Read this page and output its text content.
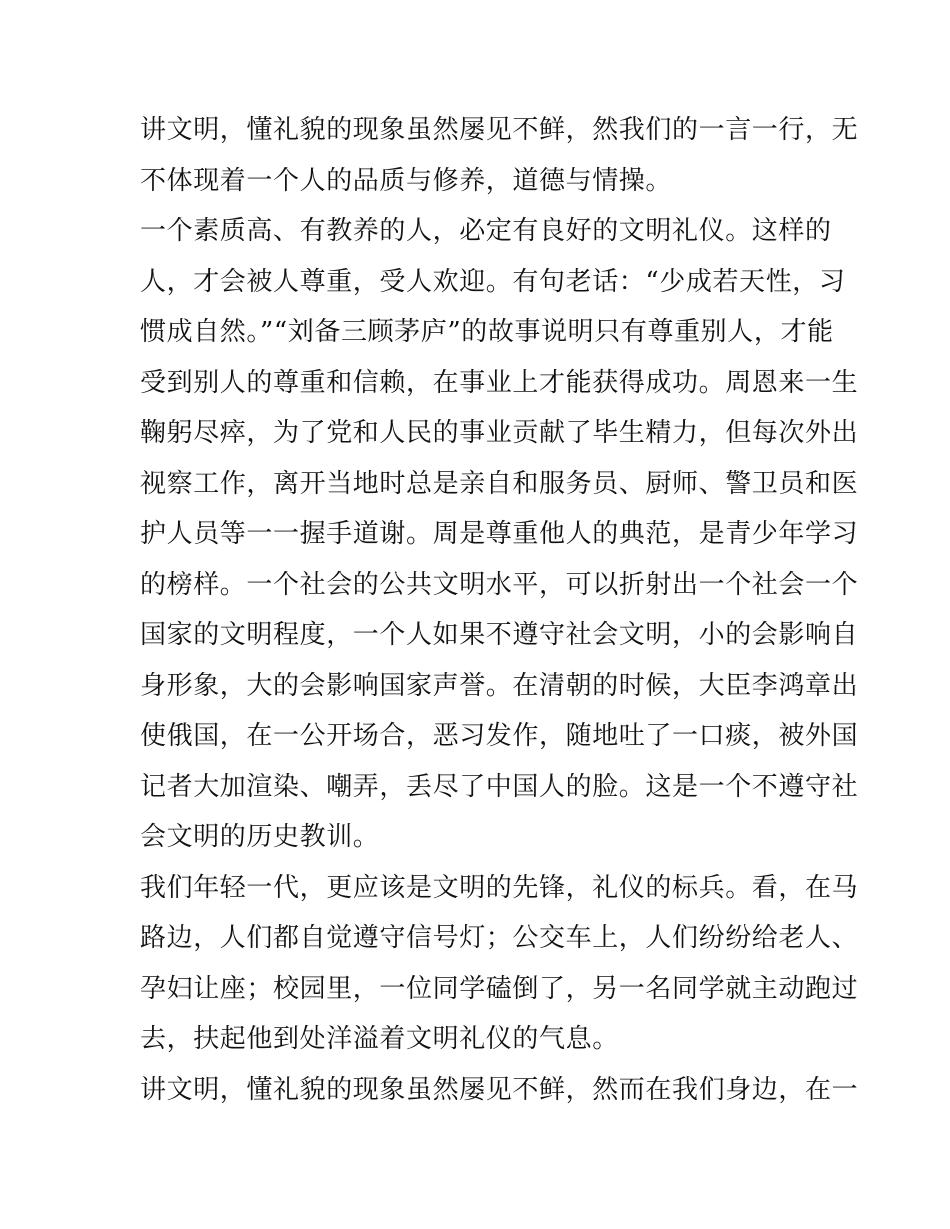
讲文明，懂礼貌的现象虽然屡见不鲜，然我们的一言一行，无
不体现着一个人的品质与修养，道德与情操。
一个素质高、有教养的人，必定有良好的文明礼仪。这样的
人，才会被人尊重，受人欢迎。有句老话：“少成若天性，习
惯成自然。”“刘备三顾茅庐”的故事说明只有尊重别人，才能
受到别人的尊重和信赖，在事业上才能获得成功。周恩来一生
鞠躬尽瘁，为了党和人民的事业贡献了毕生精力，但每次外出
视察工作，离开当地时总是亲自和服务员、厨师、警卫员和医
护人员等一一握手道谢。周是尊重他人的典范，是青少年学习
的榜样。一个社会的公共文明水平，可以折射出一个社会一个
国家的文明程度，一个人如果不遵守社会文明，小的会影响自
身形象，大的会影响国家声誉。在清朝的时候，大臣李鸿章出
使俄国，在一公开场合，恶习发作，随地吐了一口痰，被外国
记者大加渲染、嘲弄，丢尽了中国人的脸。这是一个不遵守社
会文明的历史教训。
我们年轻一代，更应该是文明的先锋，礼仪的标兵。看，在马
路边，人们都自觉遵守信号灯；公交车上，人们纷纷给老人、
孕妇让座；校园里，一位同学磕倒了，另一名同学就主动跑过
去，扶起他到处洋溢着文明礼仪的气息。
讲文明，懂礼貌的现象虽然屡见不鲜，然而在我们身边，在一
